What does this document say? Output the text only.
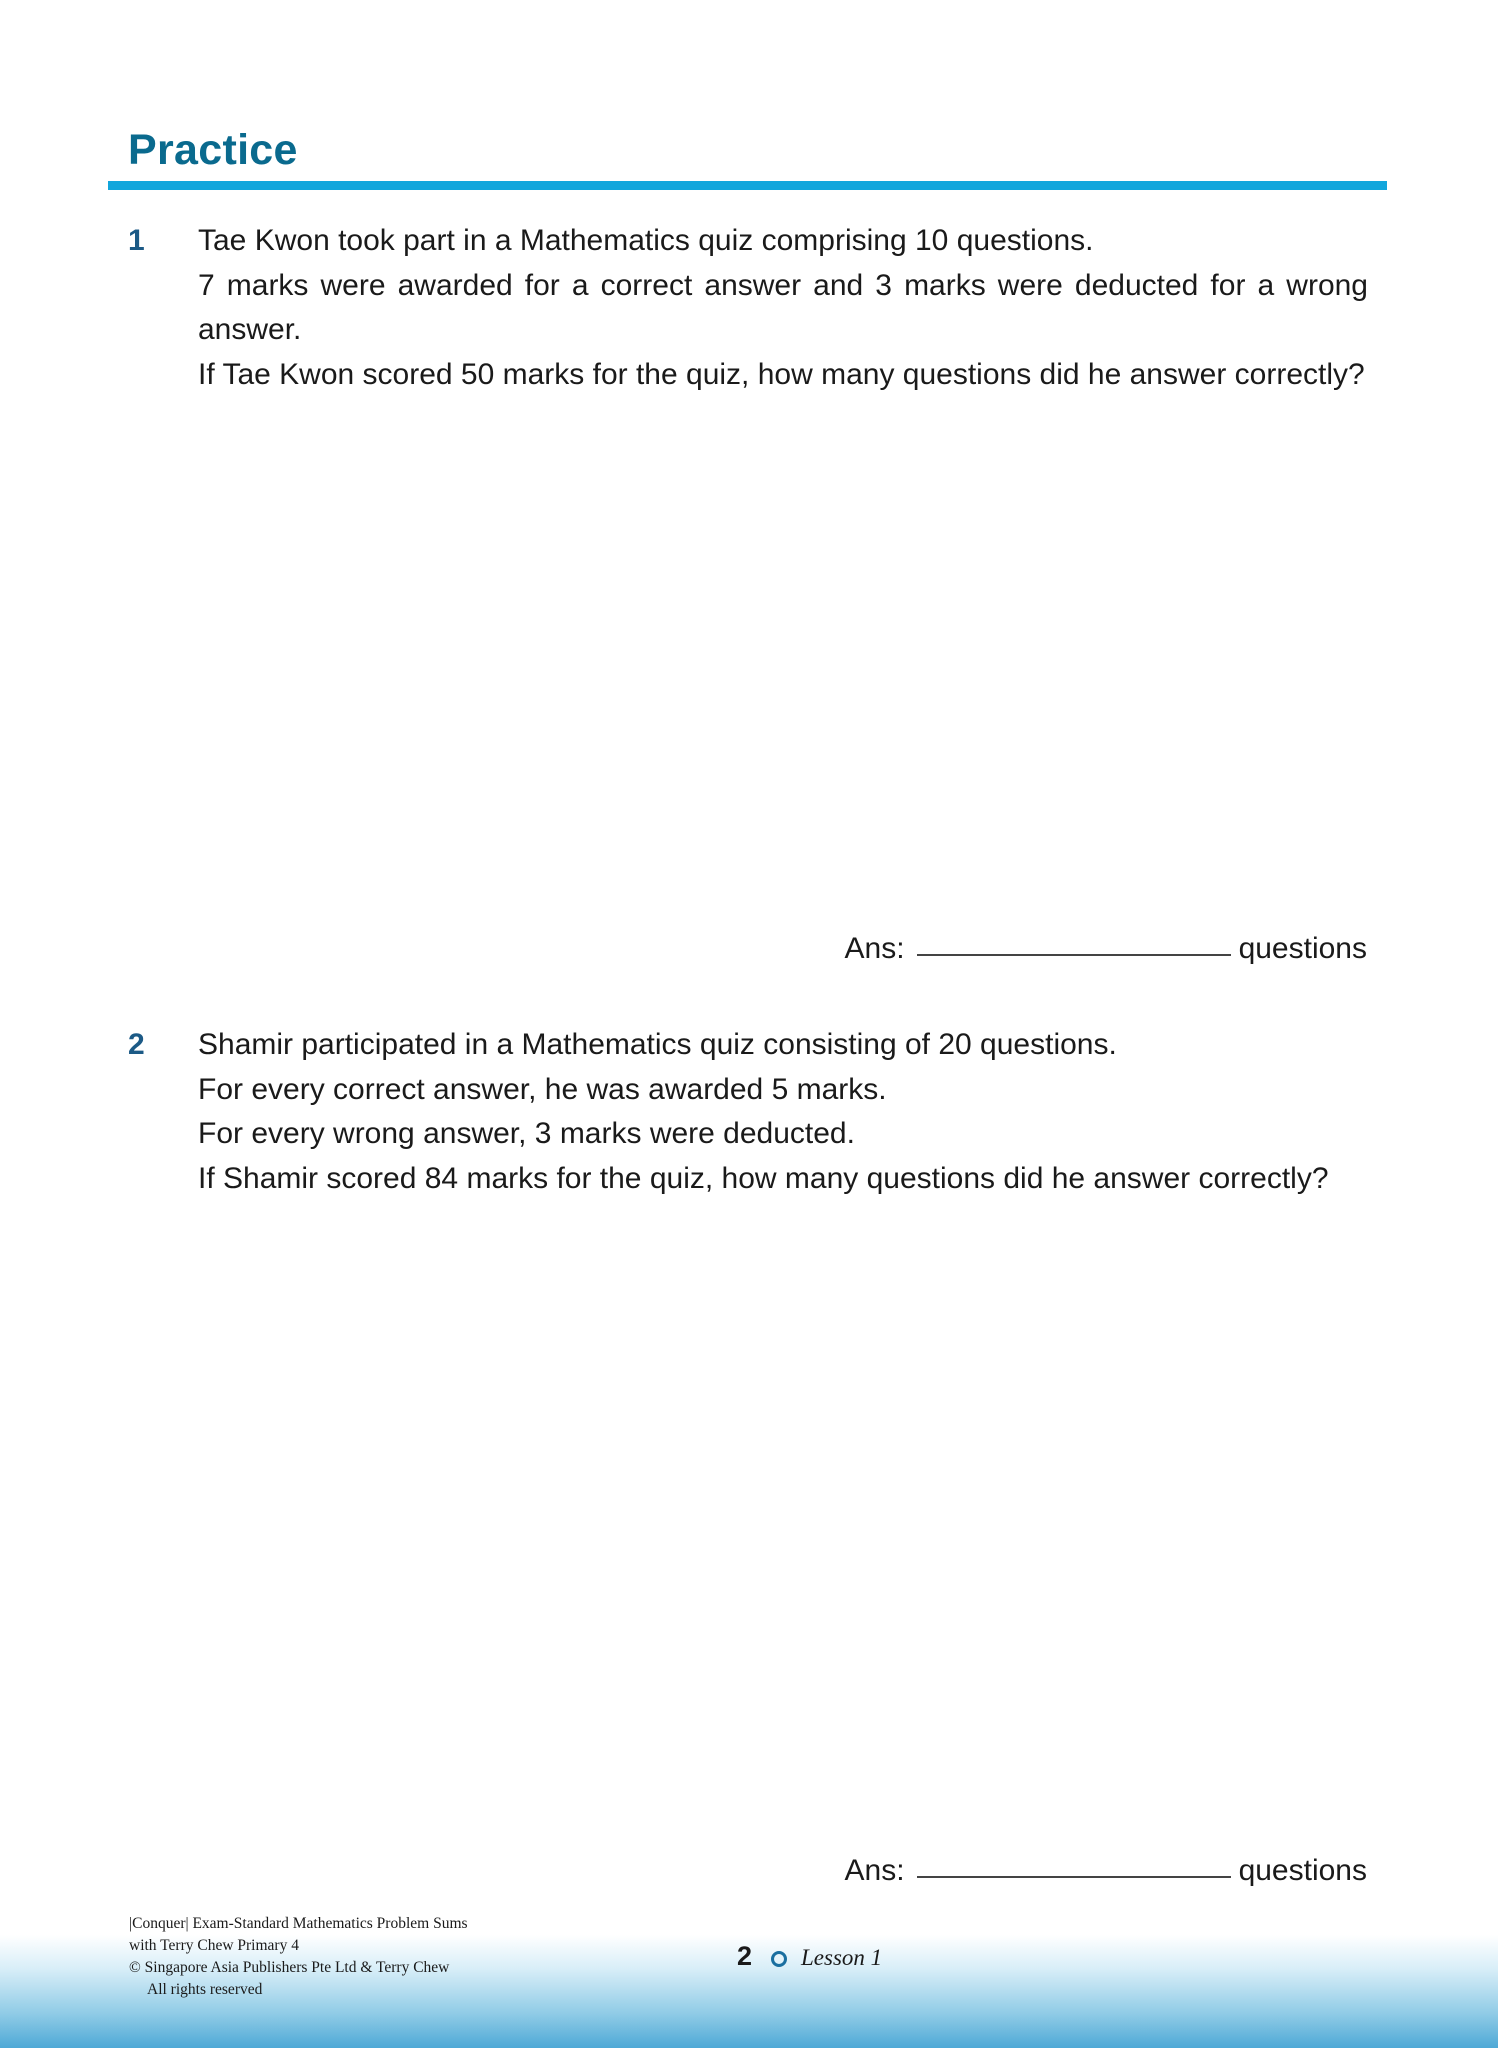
Practice
1 Tae Kwon took part in a Mathematics quiz comprising 10 questions.

7 marks were awarded for a correct answer and 3 marks were deducted for a wrong answer.

If Tae Kwon scored 50 marks for the quiz, how many questions did he answer correctly?

Ans:	questions
2 Shamir participated in a Mathematics quiz consisting of 20 questions.

For every correct answer, he was awarded 5 marks.

For every wrong answer, 3 marks were deducted.

If Shamir scored 84 marks for the quiz, how many questions did he answer correctly?

Ans:	questions
|Conquer| Exam-Standard Mathematics Problem Sums
with Terry Chew Primary 4
© Singapore Asia Publishers Pte Ltd & Terry Chew
All rights reserved
2 Lesson 1
